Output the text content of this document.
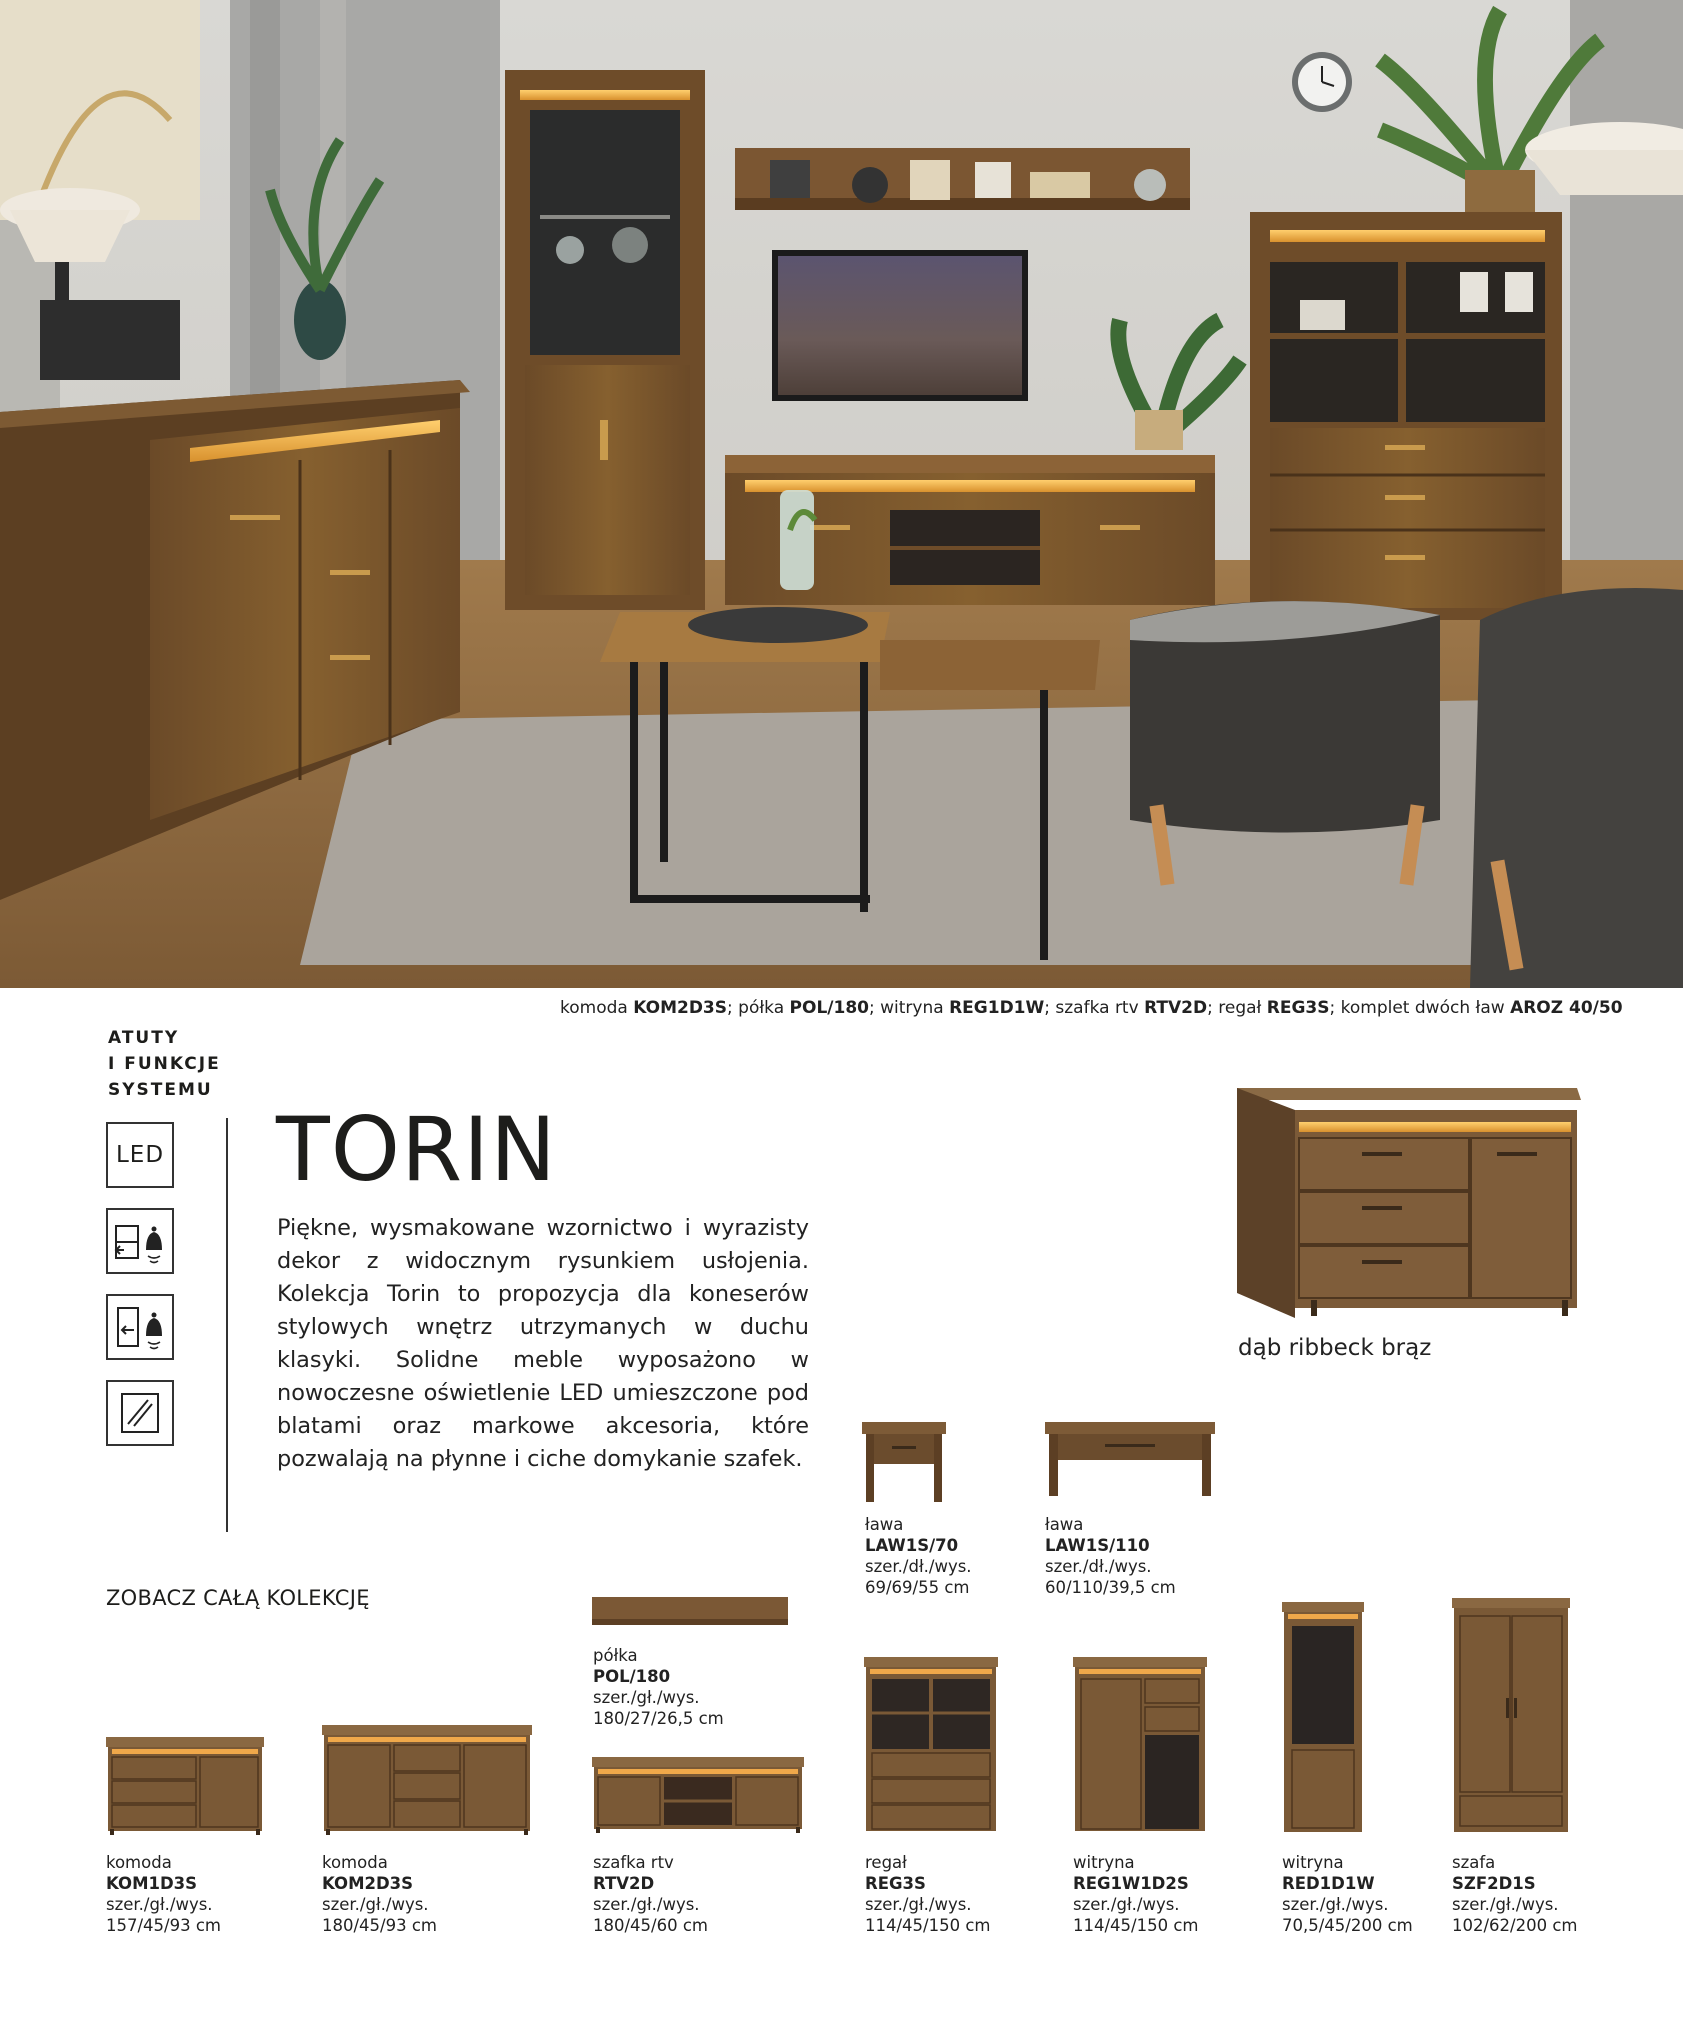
komoda KOM2D3S; półka POL/180; witryna REG1D1W; szafka rtv RTV2D; regał REG3S; komplet dwóch ław AROZ 40/50
ATUTY
I FUNKCJE
SYSTEMU
LED TORIN

Piękne, wysmakowane wzornictwo i wyrazisty dekor z widocznym rysunkiem usłojenia. Kolekcja Torin to propozycja dla koneserów stylowych wnętrz utrzymanych w duchu klasyki. Solidne meble wyposażono w nowoczesne oświetlenie LED umieszczone pod blatami oraz markowe akcesoria, które pozwalają na płynne i ciche domykanie szafek.

dąb ribbeck brąz
ława
LAW1S/70
szer./dł./wys.
69/69/55 cm
ława
LAW1S/110
szer./dł./wys.
60/110/39,5 cm
ZOBACZ CAŁĄ KOLEKCJĘ
półka
POL/180
szer./gł./wys.
180/27/26,5 cm
komoda
KOM1D3S
szer./gł./wys.
157/45/93 cm
komoda
KOM2D3S
szer./gł./wys.
180/45/93 cm
szafka rtv
RTV2D
szer./gł./wys.
180/45/60 cm
regał
REG3S
szer./gł./wys.
114/45/150 cm
witryna
REG1W1D2S
szer./gł./wys.
114/45/150 cm
witryna
RED1D1W
szer./gł./wys.
70,5/45/200 cm
szafa
SZF2D1S
szer./gł./wys.
102/62/200 cm
